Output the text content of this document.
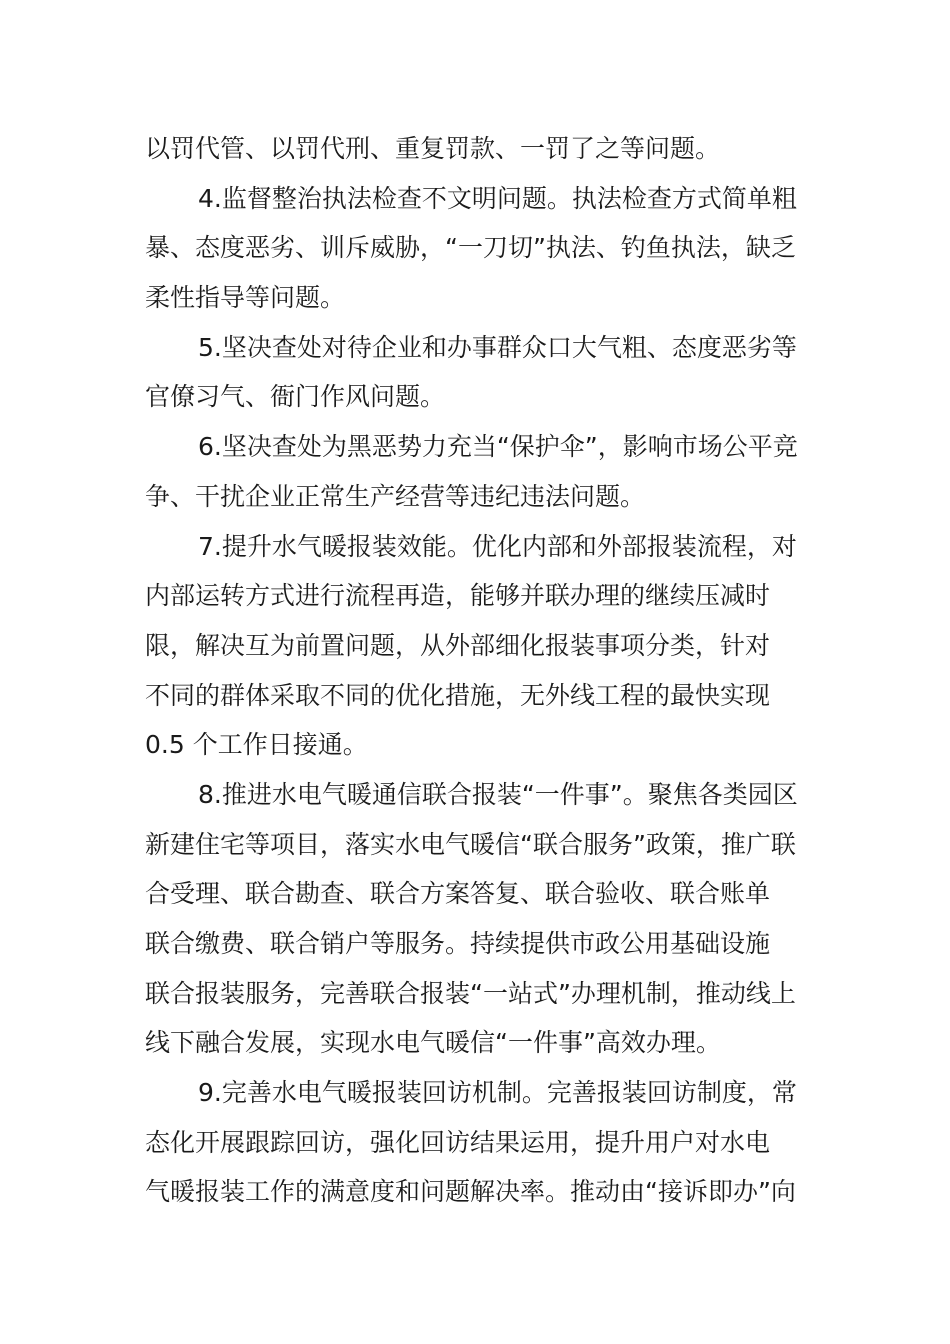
以罚代管、以罚代刑、重复罚款、一罚了之等问题。
4.监督整治执法检查不文明问题。执法检查方式简单粗
暴、态度恶劣、训斥威胁，“一刀切”执法、钓鱼执法，缺乏
柔性指导等问题。
5.坚决查处对待企业和办事群众口大气粗、态度恶劣等
官僚习气、衙门作风问题。
6.坚决查处为黑恶势力充当“保护伞”，影响市场公平竞
争、干扰企业正常生产经营等违纪违法问题。
7.提升水气暖报装效能。优化内部和外部报装流程，对
内部运转方式进行流程再造，能够并联办理的继续压减时
限，解决互为前置问题，从外部细化报装事项分类，针对
不同的群体采取不同的优化措施，无外线工程的最快实现
0.5 个工作日接通。
8.推进水电气暖通信联合报装“一件事”。聚焦各类园区
新建住宅等项目，落实水电气暖信“联合服务”政策，推广联
合受理、联合勘查、联合方案答复、联合验收、联合账单
联合缴费、联合销户等服务。持续提供市政公用基础设施
联合报装服务，完善联合报装“一站式”办理机制，推动线上
线下融合发展，实现水电气暖信“一件事”高效办理。
9.完善水电气暖报装回访机制。完善报装回访制度，常
态化开展跟踪回访，强化回访结果运用，提升用户对水电
气暖报装工作的满意度和问题解决率。推动由“接诉即办”向
